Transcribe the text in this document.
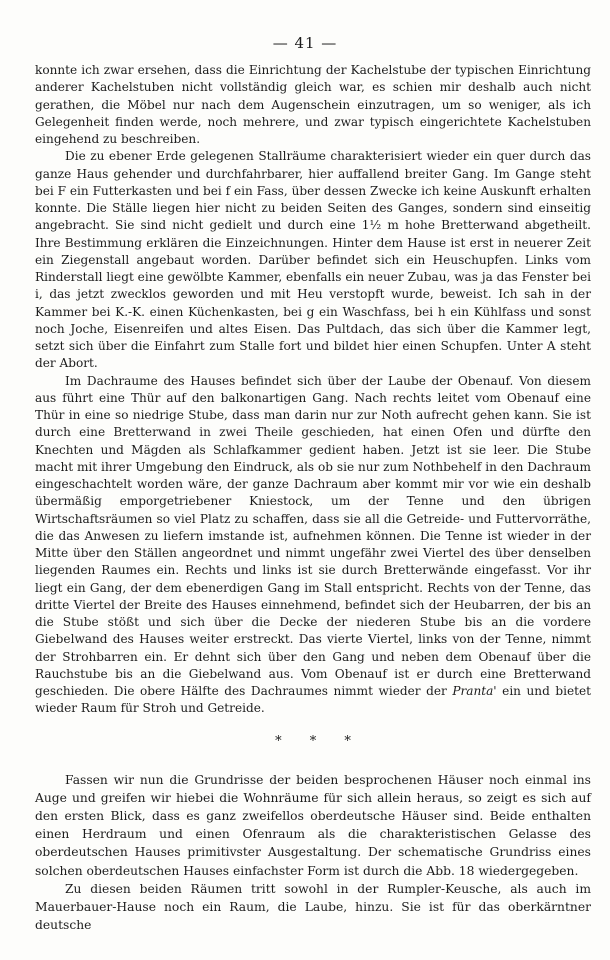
— 41 —

konnte ich zwar ersehen, dass die Einrichtung der Kachelstube der typischen Einrichtung anderer Kachelstuben nicht vollständig gleich war, es schien mir deshalb auch nicht gerathen, die Möbel nur nach dem Augenschein einzutragen, um so weniger, als ich Gelegenheit finden werde, noch mehrere, und zwar typisch eingerichtete Kachelstuben eingehend zu beschreiben.

Die zu ebener Erde gelegenen Stallräume charakterisiert wieder ein quer durch das ganze Haus gehender und durchfahrbarer, hier auffallend breiter Gang. Im Gange steht bei F ein Futterkasten und bei f ein Fass, über dessen Zwecke ich keine Auskunft erhalten konnte. Die Ställe liegen hier nicht zu beiden Seiten des Ganges, sondern sind einseitig angebracht. Sie sind nicht gedielt und durch eine 1½ m hohe Bretterwand abgetheilt. Ihre Bestimmung erklären die Einzeichnungen. Hinter dem Hause ist erst in neuerer Zeit ein Ziegenstall angebaut worden. Darüber befindet sich ein Heuschupfen. Links vom Rinderstall liegt eine gewölbte Kammer, ebenfalls ein neuer Zubau, was ja das Fenster bei i, das jetzt zwecklos geworden und mit Heu verstopft wurde, beweist. Ich sah in der Kammer bei K.-K. einen Küchenkasten, bei g ein Waschfass, bei h ein Kühlfass und sonst noch Joche, Eisenreifen und altes Eisen. Das Pultdach, das sich über die Kammer legt, setzt sich über die Einfahrt zum Stalle fort und bildet hier einen Schupfen. Unter A steht der Abort.

Im Dachraume des Hauses befindet sich über der Laube der Obenauf. Von diesem aus führt eine Thür auf den balkonartigen Gang. Nach rechts leitet vom Obenauf eine Thür in eine so niedrige Stube, dass man darin nur zur Noth aufrecht gehen kann. Sie ist durch eine Bretterwand in zwei Theile geschieden, hat einen Ofen und dürfte den Knechten und Mägden als Schlafkammer gedient haben. Jetzt ist sie leer. Die Stube macht mit ihrer Umgebung den Eindruck, als ob sie nur zum Nothbehelf in den Dachraum eingeschachtelt worden wäre, der ganze Dachraum aber kommt mir vor wie ein deshalb übermäßig emporgetriebener Kniestock, um der Tenne und den übrigen Wirtschaftsräumen so viel Platz zu schaffen, dass sie all die Getreide- und Futtervorräthe, die das Anwesen zu liefern imstande ist, aufnehmen können. Die Tenne ist wieder in der Mitte über den Ställen angeordnet und nimmt ungefähr zwei Viertel des über denselben liegenden Raumes ein. Rechts und links ist sie durch Bretterwände eingefasst. Vor ihr liegt ein Gang, der dem ebenerdigen Gang im Stall entspricht. Rechts von der Tenne, das dritte Viertel der Breite des Hauses einnehmend, befindet sich der Heubarren, der bis an die Stube stößt und sich über die Decke der niederen Stube bis an die vordere Giebelwand des Hauses weiter erstreckt. Das vierte Viertel, links von der Tenne, nimmt der Strohbarren ein. Er dehnt sich über den Gang und neben dem Obenauf über die Rauchstube bis an die Giebelwand aus. Vom Obenauf ist er durch eine Bretterwand geschieden. Die obere Hälfte des Dachraumes nimmt wieder der Pranta' ein und bietet wieder Raum für Stroh und Getreide.

* * *

Fassen wir nun die Grundrisse der beiden besprochenen Häuser noch einmal ins Auge und greifen wir hiebei die Wohnräume für sich allein heraus, so zeigt es sich auf den ersten Blick, dass es ganz zweifellos oberdeutsche Häuser sind. Beide enthalten einen Herdraum und einen Ofenraum als die charakteristischen Gelasse des oberdeutschen Hauses primitivster Ausgestaltung. Der schematische Grundriss eines solchen oberdeutschen Hauses einfachster Form ist durch die Abb. 18 wiedergegeben.

Zu diesen beiden Räumen tritt sowohl in der Rumpler-Keusche, als auch im Mauerbauer-Hause noch ein Raum, die Laube, hinzu. Sie ist für das oberkärntner deutsche
